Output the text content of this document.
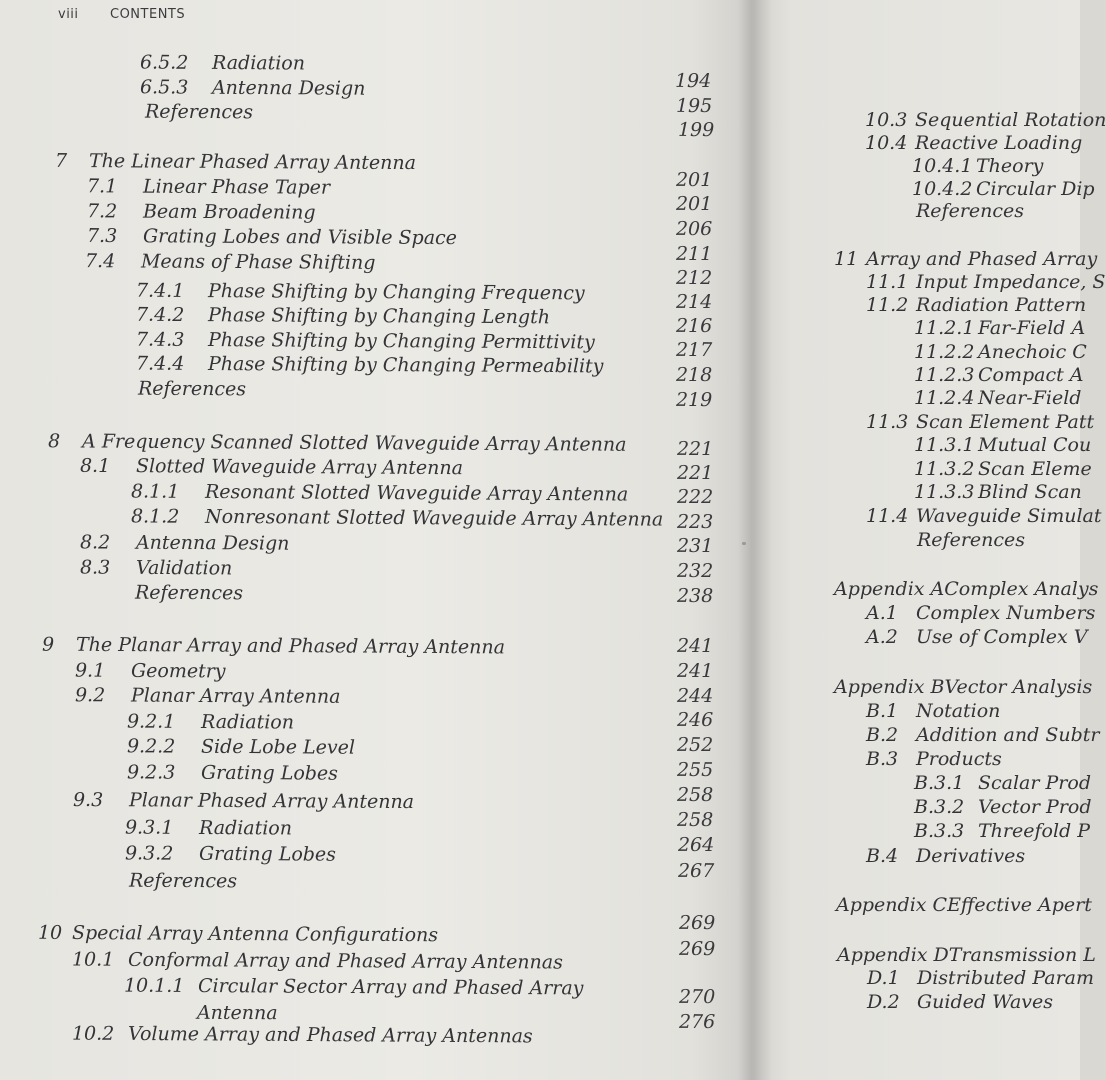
viii CONTENTS
6.5.2 Radiation
6.5.3 Antenna Design
References
7 The Linear Phased Array Antenna
7.1 Linear Phase Taper
7.2 Beam Broadening
7.3 Grating Lobes and Visible Space
7.4 Means of Phase Shifting
7.4.1 Phase Shifting by Changing Frequency
7.4.2 Phase Shifting by Changing Length
7.4.3 Phase Shifting by Changing Permittivity
7.4.4 Phase Shifting by Changing Permeability
References
8 A Frequency Scanned Slotted Waveguide Array Antenna
8.1 Slotted Waveguide Array Antenna
8.1.1 Resonant Slotted Waveguide Array Antenna
8.1.2 Nonresonant Slotted Waveguide Array Antenna
8.2 Antenna Design
8.3 Validation
References
9 The Planar Array and Phased Array Antenna
9.1 Geometry
9.2 Planar Array Antenna
9.2.1 Radiation
9.2.2 Side Lobe Level
9.2.3 Grating Lobes
9.3 Planar Phased Array Antenna
9.3.1 Radiation
9.3.2 Grating Lobes
References
10 Special Array Antenna Configurations
10.1 Conformal Array and Phased Array Antennas
10.1.1 Circular Sector Array and Phased Array
Antenna
10.2 Volume Array and Phased Array Antennas
194
195
199
201
201
206
211
212
214
216
217
218
219
221
221
222
223
231
232
238
241
241
244
246
252
255
258
258
264
267
269
269
270
276
10.3 Sequential Rotation
10.4 Reactive Loading
10.4.1 Theory
10.4.2 Circular Dip
References
11 Array and Phased Array
11.1 Input Impedance, S
11.2 Radiation Pattern
11.2.1 Far-Field A
11.2.2 Anechoic C
11.2.3 Compact A
11.2.4 Near-Field
11.3 Scan Element Patt
11.3.1 Mutual Cou
11.3.2 Scan Eleme
11.3.3 Blind Scan
11.4 Waveguide Simulat
References
Appendix AComplex Analys
A.1 Complex Numbers
A.2 Use of Complex V
Appendix BVector Analysis
B.1 Notation
B.2 Addition and Subtr
B.3 Products
B.3.1 Scalar Prod
B.3.2 Vector Prod
B.3.3 Threefold P
B.4 Derivatives
Appendix CEffective Apert
Appendix DTransmission L
D.1 Distributed Param
D.2 Guided Waves
